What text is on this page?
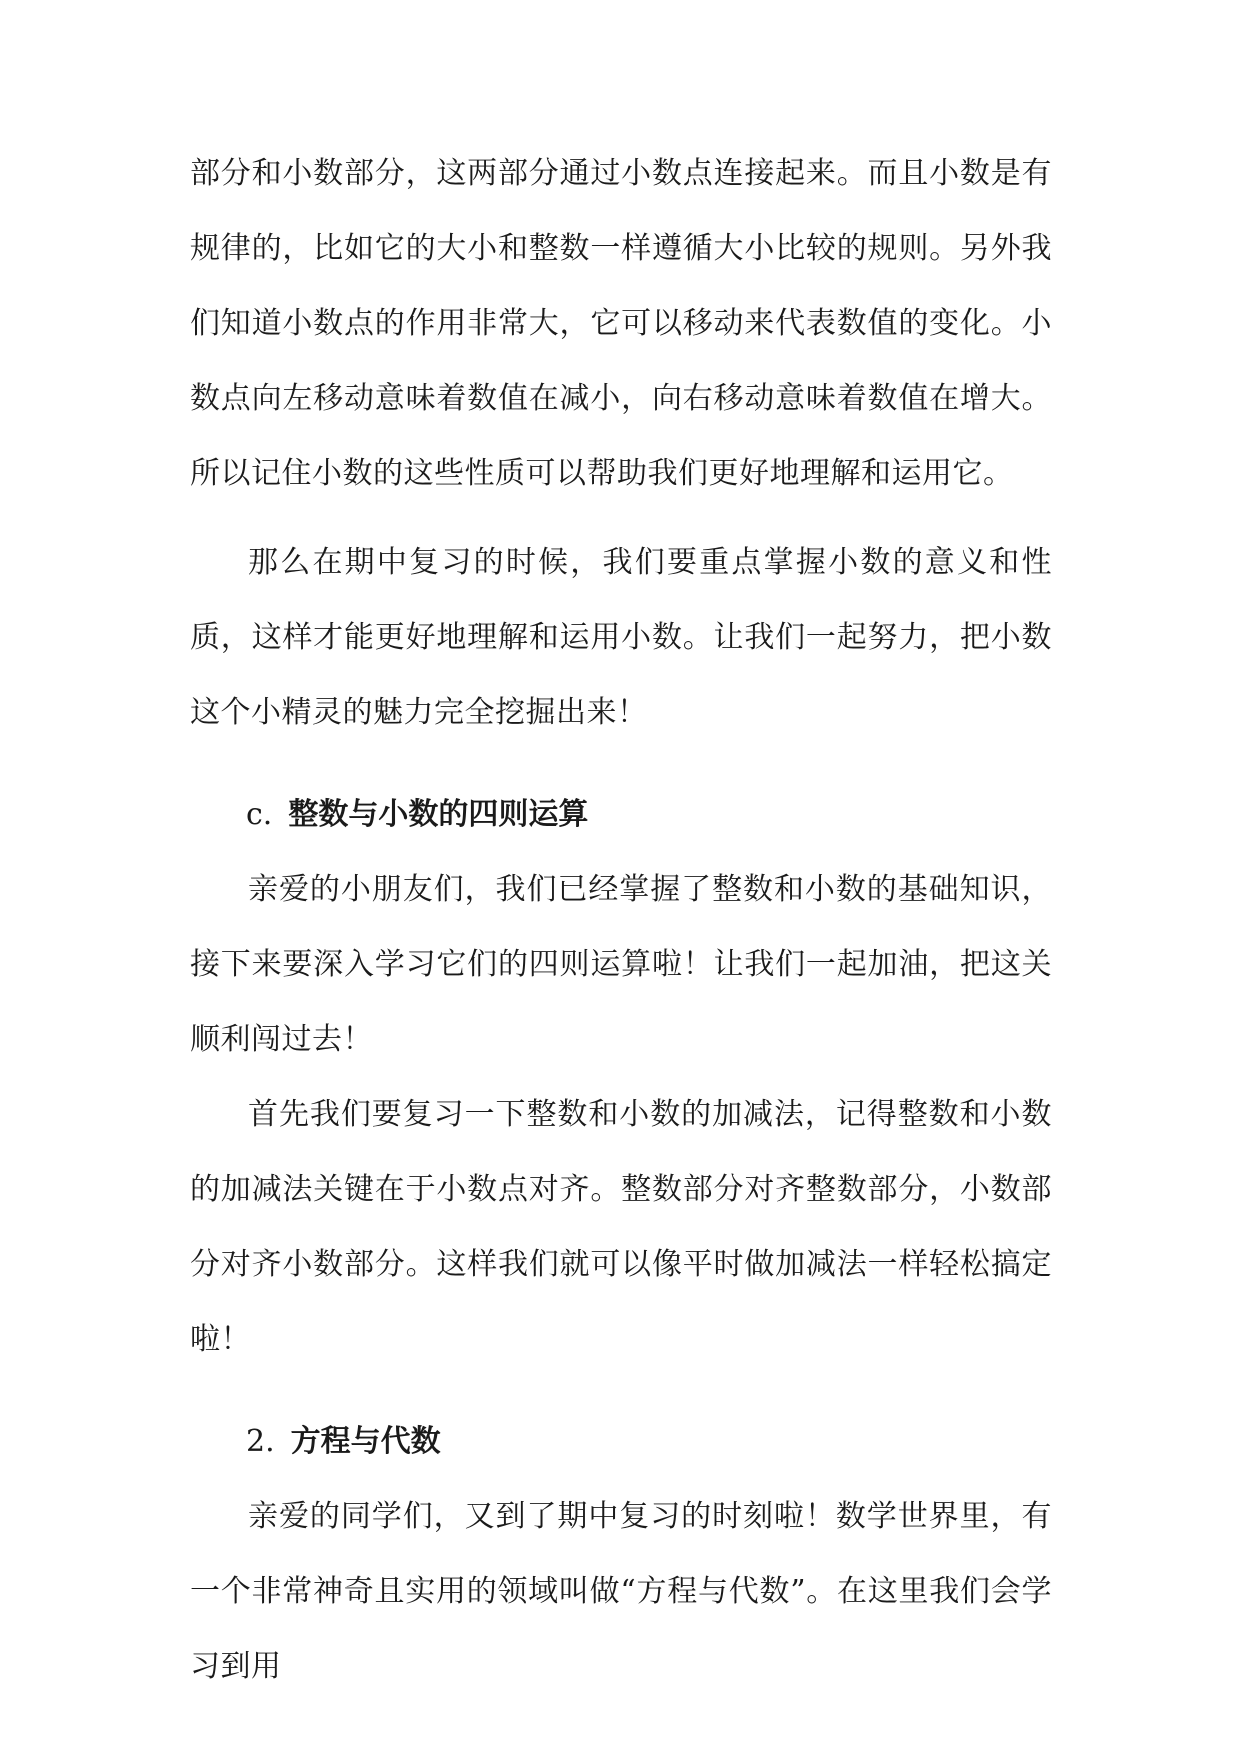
部分和小数部分，这两部分通过小数点连接起来。而且小数是有规律的，比如它的大小和整数一样遵循大小比较的规则。另外我们知道小数点的作用非常大，它可以移动来代表数值的变化。小数点向左移动意味着数值在减小，向右移动意味着数值在增大。所以记住小数的这些性质可以帮助我们更好地理解和运用它。

那么在期中复习的时候，我们要重点掌握小数的意义和性质，这样才能更好地理解和运用小数。让我们一起努力，把小数这个小精灵的魅力完全挖掘出来！

c. 整数与小数的四则运算

亲爱的小朋友们，我们已经掌握了整数和小数的基础知识，接下来要深入学习它们的四则运算啦！让我们一起加油，把这关顺利闯过去！

首先我们要复习一下整数和小数的加减法，记得整数和小数的加减法关键在于小数点对齐。整数部分对齐整数部分，小数部分对齐小数部分。这样我们就可以像平时做加减法一样轻松搞定啦！

2. 方程与代数

亲爱的同学们，又到了期中复习的时刻啦！数学世界里，有一个非常神奇且实用的领域叫做“方程与代数”。在这里我们会学习到用
